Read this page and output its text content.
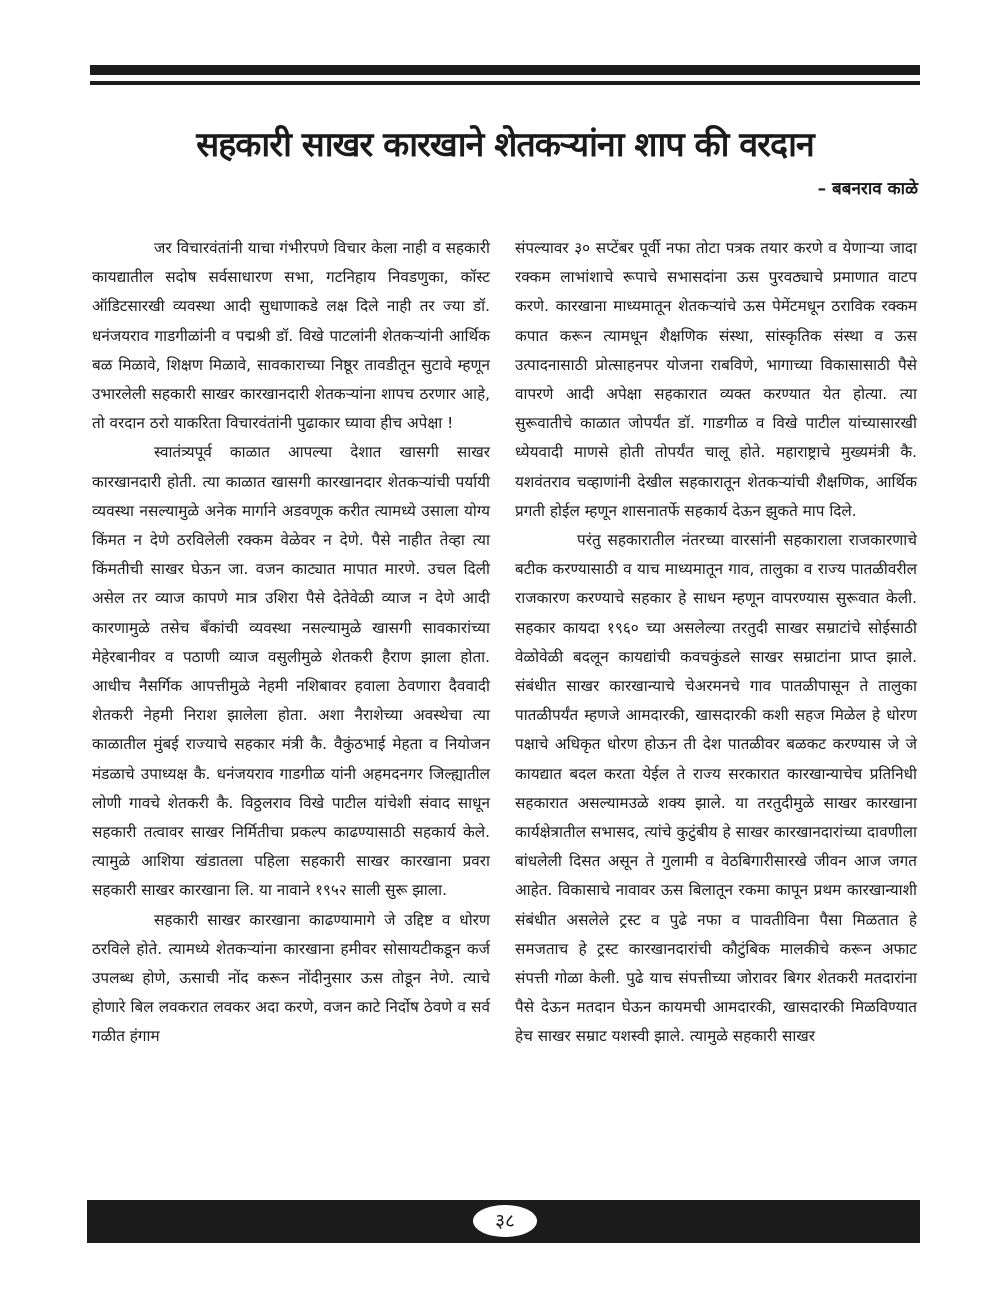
सहकारी साखर कारखाने शेतकऱ्यांना शाप की वरदान
– बबनराव काळे

जर विचारवंतांनी याचा गंभीरपणे विचार केला नाही व सहकारी कायद्यातील सदोष सर्वसाधारण सभा, गटनिहाय निवडणुका, कॉस्ट ऑडिटसारखी व्यवस्था आदी सुधाणाकडे लक्ष दिले नाही तर ज्या डॉ. धनंजयराव गाडगीळांनी व पद्मश्री डॉ. विखे पाटलांनी शेतकऱ्यांनी आर्थिक बळ मिळावे, शिक्षण मिळावे, सावकाराच्या निष्ठूर तावडीतून सुटावे म्हणून उभारलेली सहकारी साखर कारखानदारी शेतकऱ्यांना शापच ठरणार आहे, तो वरदान ठरो याकरिता विचारवंतांनी पुढाकार घ्यावा हीच अपेक्षा !

स्वातंत्र्यपूर्व काळात आपल्या देशात खासगी साखर कारखानदारी होती. त्या काळात खासगी कारखानदार शेतकऱ्यांची पर्यायी व्यवस्था नसल्यामुळे अनेक मार्गाने अडवणूक करीत त्यामध्ये उसाला योग्य किंमत न देणे ठरविलेली रक्कम वेळेवर न देणे. पैसे नाहीत तेव्हा त्या किंमतीची साखर घेऊन जा. वजन काट्यात मापात मारणे. उचल दिली असेल तर व्याज कापणे मात्र उशिरा पैसे देतेवेळी व्याज न देणे आदी कारणामुळे तसेच बँकांची व्यवस्था नसल्यामुळे खासगी सावकारांच्या मेहेरबानीवर व पठाणी व्याज वसुलीमुळे शेतकरी हैराण झाला होता. आधीच नैसर्गिक आपत्तीमुळे नेहमी नशिबावर हवाला ठेवणारा दैववादी शेतकरी नेहमी निराश झालेला होता. अशा नैराशेच्या अवस्थेचा त्या काळातील मुंबई राज्याचे सहकार मंत्री कै. वैकुंठभाई मेहता व नियोजन मंडळाचे उपाध्यक्ष कै. धनंजयराव गाडगीळ यांनी अहमदनगर जिल्ह्यातील लोणी गावचे शेतकरी कै. विठ्ठलराव विखे पाटील यांचेशी संवाद साधून सहकारी तत्वावर साखर निर्मितीचा प्रकल्प काढण्यासाठी सहकार्य केले. त्यामुळे आशिया खंडातला पहिला सहकारी साखर कारखाना प्रवरा सहकारी साखर कारखाना लि. या नावाने १९५२ साली सुरू झाला.

सहकारी साखर कारखाना काढण्यामागे जे उद्दिष्ट व धोरण ठरविले होते. त्यामध्ये शेतकऱ्यांना कारखाना हमीवर सोसायटीकडून कर्ज उपलब्ध होणे, ऊसाची नोंद करून नोंदीनुसार ऊस तोडून नेणे. त्याचे होणारे बिल लवकरात लवकर अदा करणे, वजन काटे निर्दोष ठेवणे व सर्व गळीत हंगाम

संपल्यावर ३० सप्टेंबर पूर्वी नफा तोटा पत्रक तयार करणे व येणाऱ्या जादा रक्कम लाभांशाचे रूपाचे सभासदांना ऊस पुरवठ्याचे प्रमाणात वाटप करणे. कारखाना माध्यमातून शेतकऱ्यांचे ऊस पेमेंटमधून ठराविक रक्कम कपात करून त्यामधून शैक्षणिक संस्था, सांस्कृतिक संस्था व ऊस उत्पादनासाठी प्रोत्साहनपर योजना राबविणे, भागाच्या विकासासाठी पैसे वापरणे आदी अपेक्षा सहकारात व्यक्त करण्यात येत होत्या. त्या सुरूवातीचे काळात जोपर्यंत डॉ. गाडगीळ व विखे पाटील यांच्यासारखी ध्येयवादी माणसे होती तोपर्यंत चालू होते. महाराष्ट्राचे मुख्यमंत्री कै. यशवंतराव चव्हाणांनी देखील सहकारातून शेतकऱ्यांची शैक्षणिक, आर्थिक प्रगती होईल म्हणून शासनातर्फे सहकार्य देऊन झुकते माप दिले.

परंतु सहकारातील नंतरच्या वारसांनी सहकाराला राजकारणाचे बटीक करण्यासाठी व याच माध्यमातून गाव, तालुका व राज्य पातळीवरील राजकारण करण्याचे सहकार हे साधन म्हणून वापरण्यास सुरूवात केली. सहकार कायदा १९६० च्या असलेल्या तरतुदी साखर सम्राटांचे सोईसाठी वेळोवेळी बदलून कायद्यांची कवचकुंडले साखर सम्राटांना प्राप्त झाले. संबंधीत साखर कारखान्याचे चेअरमनचे गाव पातळीपासून ते तालुका पातळीपर्यंत म्हणजे आमदारकी, खासदारकी कशी सहज मिळेल हे धोरण पक्षाचे अधिकृत धोरण होऊन ती देश पातळीवर बळकट करण्यास जे जे कायद्यात बदल करता येईल ते राज्य सरकारात कारखान्याचेच प्रतिनिधी सहकारात असल्यामउळे शक्य झाले. या तरतुदीमुळे साखर कारखाना कार्यक्षेत्रातील सभासद, त्यांचे कुटुंबीय हे साखर कारखानदारांच्या दावणीला बांधलेली दिसत असून ते गुलामी व वेठबिगारीसारखे जीवन आज जगत आहेत. विकासाचे नावावर ऊस बिलातून रकमा कापून प्रथम कारखान्याशी संबंधीत असलेले ट्रस्ट व पुढे नफा व पावतीविना पैसा मिळतात हे समजताच हे ट्रस्ट कारखानदारांची कौटुंबिक मालकीचे करून अफाट संपत्ती गोळा केली. पुढे याच संपत्तीच्या जोरावर बिगर शेतकरी मतदारांना पैसे देऊन मतदान घेऊन कायमची आमदारकी, खासदारकी मिळविण्यात हेच साखर सम्राट यशस्वी झाले. त्यामुळे सहकारी साखर

३८
